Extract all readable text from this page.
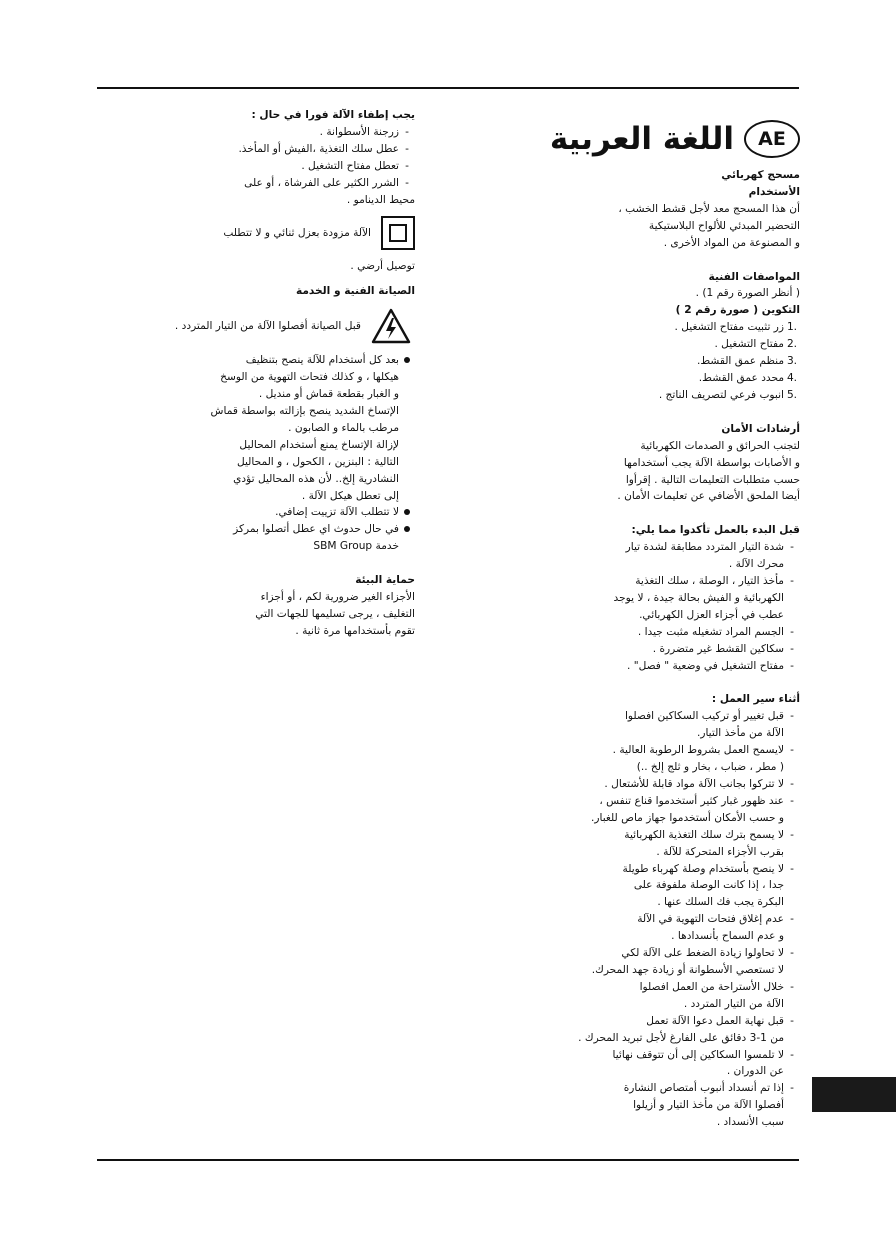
AE
اللغة العربية
مسحج كهربائي
الأستخدام
أن هذا المسحج معد لأجل قشط الخشب ،
التحضير المبدئي للألواح البلاستيكية
و المصنوعة من المواد الأخرى .
المواصفات الفنية
( أنظر الصورة رقم 1) .
التكوين ( صورة رقم 2 )
1.
زر تثبيت مفتاح التشغيل .
2.
مفتاح التشغيل .
3.
منظم عمق القشط.
4.
محدد عمق القشط.
5.
انبوب فرعي لتصريف الناتج .
أرشادات الأمان
لتجنب الحرائق و الصدمات الكهربائية
و الأصابات بواسطة الآلة يجب أستخدامها
حسب متطلبات التعليمات التالية . إقرأوا
أيضا الملحق الأضافي عن تعليمات الأمان .
قبل البدء بالعمل تأكدوا مما يلي:
-
شدة التيار المتردد مطابقة لشدة تيار
محرك الآلة .
-
مأخذ التيار ، الوصلة ، سلك التغذية
الكهربائية و الفيش بحالة جيدة ، لا يوجد
عطب في أجزاء العزل الكهربائي.
-
الجسم المراد تشغيله مثبت جيدا .
-
سكاكين القشط غير متضررة .
-
مفتاح التشغيل في وضعية " فصل" .
أثناء سير العمل :
-
قبل تغيير أو تركيب السكاكين افصلوا
الآلة من مأخذ التيار.
-
لايسمح العمل بشروط الرطوبة العالية .
( مطر ، ضباب ، بخار و ثلج إلخ ..)
-
لا تتركوا بجانب الآلة مواد قابلة للأشتعال .
-
عند ظهور غبار كثير أستخدموا قناع تنفس ،
و حسب الأمكان أستخدموا جهاز ماص للغبار.
-
لا يسمح بترك سلك التغذية الكهربائية
بقرب الأجزاء المتحركة للآلة .
-
لا ينصح بأستخدام وصلة كهرباء طويلة
جدا ، إذا كانت الوصلة ملفوفة على
البكرة يجب فك السلك عنها .
-
عدم إغلاق فتحات التهوية في الآلة
و عدم السماح بأنسدادها .
-
لا تحاولوا زيادة الضغط على الآلة لكي
لا تستعصي الأسطوانة أو زيادة جهد المحرك.
-
خلال الأستراحة من العمل افصلوا
الآلة من التيار المتردد .
-
قبل نهاية العمل دعوا الآلة تعمل
من 1-3 دقائق على الفارغ لأجل تبريد المحرك .
-
لا تلمسوا السكاكين إلى أن تتوقف نهائيا
عن الدوران .
-
إذا تم أنسداد أنبوب أمتصاص النشارة
أفصلوا الآلة من مأخذ التيار و أزيلوا
سبب الأنسداد .
يجب إطفاء الآلة فورا في حال :
-
زرجنة الأسطوانة .
-
عطل سلك التغذية ،الفيش أو المأخذ.
-
تعطل مفتاح التشغيل .
-
الشرر الكثير على الفرشاة ، أو على
محيط الدينامو .
الآلة مزودة بعزل ثنائي و لا تتطلب
توصيل أرضي .
الصيانة الفنية و الخدمة
قبل الصيانة أفصلوا الآلة من التيار المتردد .
بعد كل أستخدام للآلة ينصح بتنظيف
هيكلها ، و كذلك فتحات التهوية من الوسخ
و الغبار بقطعة قماش أو منديل .
الإتساخ الشديد ينصح بإزالته بواسطة قماش
مرطب بالماء و الصابون .
لإزالة الإتساخ يمنع أستخدام المحاليل
التالية : البنزين ، الكحول ، و المحاليل
النشادرية إلخ.. لأن هذه المحاليل تؤدي
إلى تعطل هيكل الآلة .
لا تتطلب الآلة تزييت إضافي.
في حال حدوث اي عطل أتصلوا بمركز
خدمة SBM Group
حماية البيئة
الأجزاء الغير ضرورية لكم ، أو أجزاء
التغليف ، يرجى تسليمها للجهات التي
تقوم بأستخدامها مرة ثانية .
